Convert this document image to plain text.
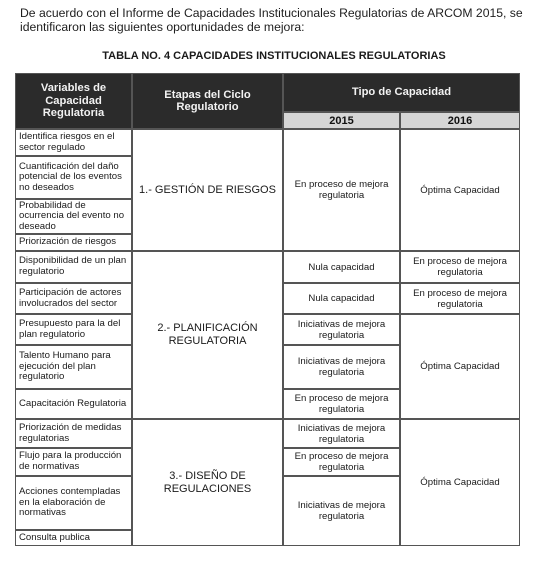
De acuerdo con el Informe de Capacidades Institucionales Regulatorias de ARCOM 2015, se identificaron las siguientes oportunidades de mejora:
TABLA NO. 4 CAPACIDADES INSTITUCIONALES REGULATORIAS
Variables de Capacidad Regulatoria
Etapas del Ciclo Regulatorio
Tipo de Capacidad
2015	2016
Identifica riesgos en el sector regulado
Cuantificación del daño potencial de los eventos no deseados
Probabilidad de ocurrencia del evento no deseado
Priorización de riesgos
Disponibilidad de un plan regulatorio
Participación de actores involucrados del sector
Presupuesto para la del plan regulatorio
Talento Humano para ejecución del plan regulatorio
Capacitación Regulatoria
Priorización de medidas regulatorias
Flujo para la producción de normativas
Acciones contempladas en la elaboración de normativas
Consulta publica
1.- GESTIÓN DE RIESGOS
2.- PLANIFICACIÓN REGULATORIA
3.- DISEÑO DE REGULACIONES
En proceso de mejora regulatoria
Nula capacidad
Nula capacidad
Iniciativas de mejora regulatoria
Iniciativas de mejora regulatoria
En proceso de mejora regulatoria
Iniciativas de mejora regulatoria
En proceso de mejora regulatoria
Iniciativas de mejora regulatoria
Óptima Capacidad
En proceso de mejora regulatoria
En proceso de mejora regulatoria
Óptima Capacidad
Óptima Capacidad
